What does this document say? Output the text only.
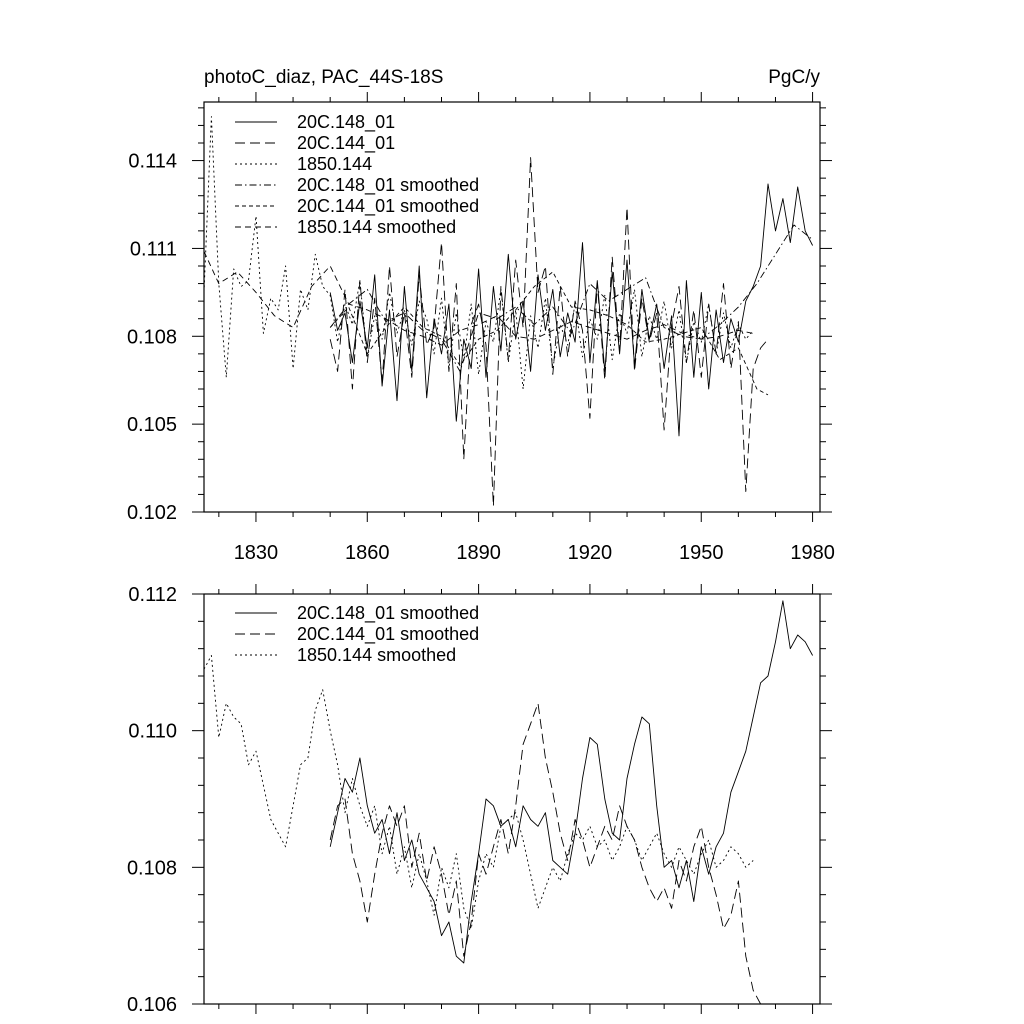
photoC_diaz, PAC_44S-18S	PgC/y
1830	1860	1890	1920	1950	1980
0.102
0.105
0.108
0.111
0.114
20C.148_01
20C.144_01
1850.144
20C.148_01 smoothed
20C.144_01 smoothed
1850.144 smoothed
0.106
0.108
0.110
0.112
20C.148_01 smoothed
20C.144_01 smoothed
1850.144 smoothed
